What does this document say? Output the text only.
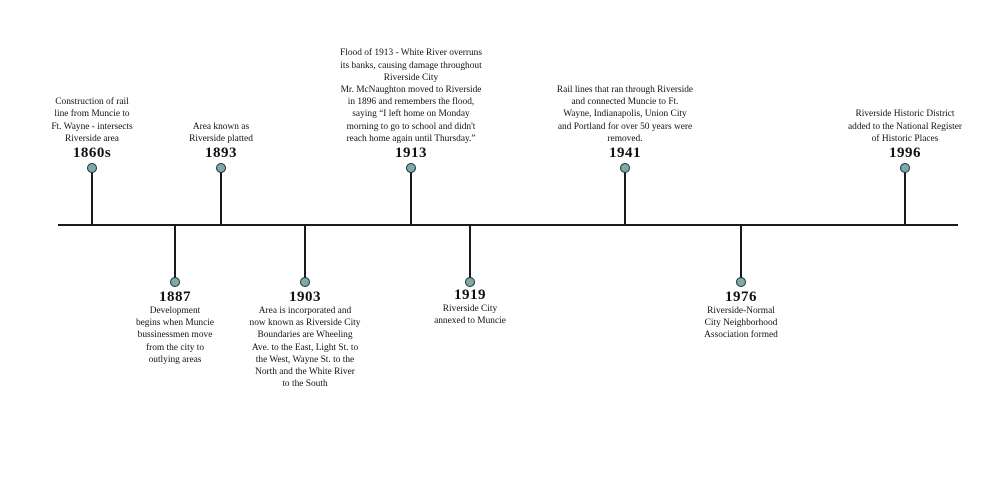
Construction of rail
line from Muncie to
Ft. Wayne - intersects
Riverside area
1860s
1887
Development
begins when Muncie
bussinessmen move
from the city to
outlying areas
Area known as
Riverside platted
1893
1903
Area is incorporated and
now known as Riverside City
Boundaries are Wheeling
Ave. to the East, Light St. to
the West, Wayne St. to the
North and the White River
to the South
Flood of 1913 - White River overruns
its banks, causing damage throughout
Riverside City
Mr. McNaughton moved to Riverside
in 1896 and remembers the flood,
saying “I left home on Monday
morning to go to school and didn't
reach home again until Thursday.”
1913
1919
Riverside City
annexed to Muncie
Rail lines that ran through Riverside
and connected Muncie to Ft.
Wayne, Indianapolis, Union City
and Portland for over 50 years were
removed.
1941
1976
Riverside-Normal
City Neighborhood
Association formed
Riverside Historic District
added to the National Register
of Historic Places
1996
